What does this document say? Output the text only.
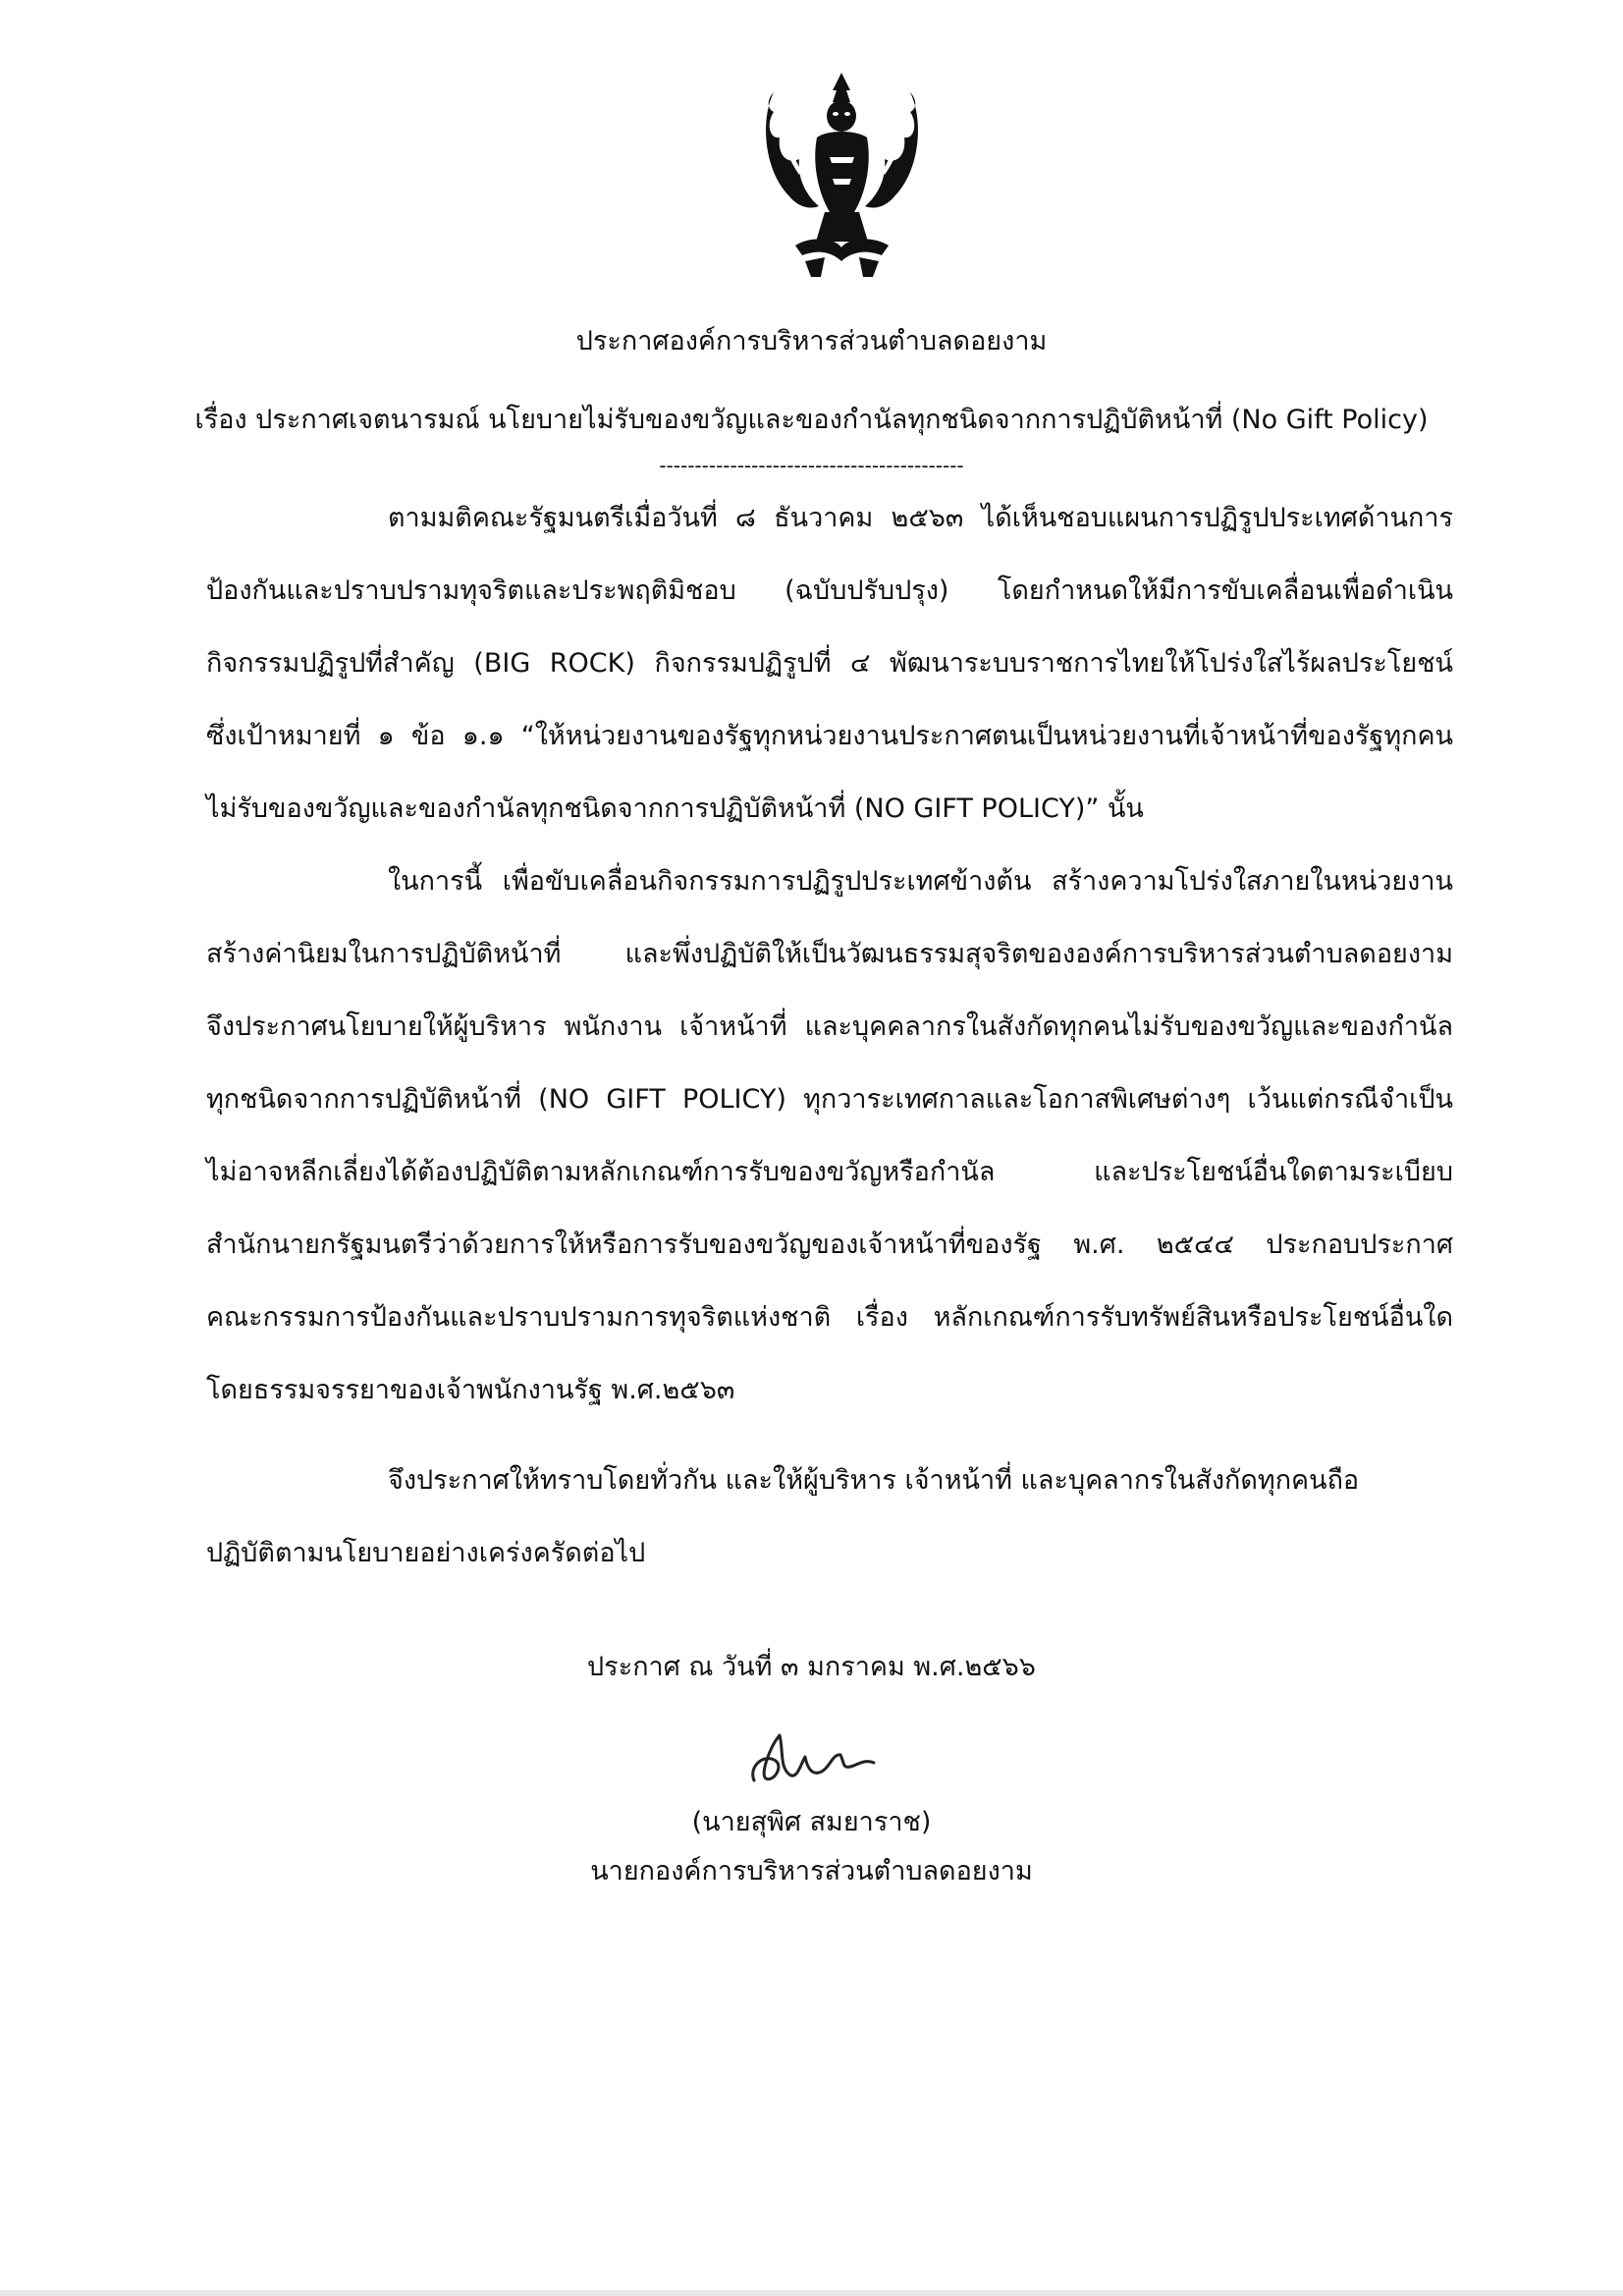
ประกาศองค์การบริหารส่วนตำบลดอยงาม
เรื่อง ประกาศเจตนารมณ์ นโยบายไม่รับของขวัญและของกำนัลทุกชนิดจากการปฏิบัติหน้าที่ (No Gift Policy)
-------------------------------------------
ตามมติคณะรัฐมนตรีเมื่อวันที่ ๘ ธันวาคม ๒๕๖๓ ได้เห็นชอบแผนการปฏิรูปประเทศด้านการ
ป้องกันและปราบปรามทุจริตและประพฤติมิชอบ (ฉบับปรับปรุง) โดยกำหนดให้มีการขับเคลื่อนเพื่อดำเนิน
กิจกรรมปฏิรูปที่สำคัญ (BIG ROCK) กิจกรรมปฏิรูปที่ ๔ พัฒนาระบบราชการไทยให้โปร่งใสไร้ผลประโยชน์
ซึ่งเป้าหมายที่ ๑ ข้อ ๑.๑ “ให้หน่วยงานของรัฐทุกหน่วยงานประกาศตนเป็นหน่วยงานที่เจ้าหน้าที่ของรัฐทุกคน
ไม่รับของขวัญและของกำนัลทุกชนิดจากการปฏิบัติหน้าที่ (NO GIFT POLICY)” นั้น
ในการนี้ เพื่อขับเคลื่อนกิจกรรมการปฏิรูปประเทศข้างต้น สร้างความโปร่งใสภายในหน่วยงาน
สร้างค่านิยมในการปฏิบัติหน้าที่ และพึ่งปฏิบัติให้เป็นวัฒนธรรมสุจริตขององค์การบริหารส่วนตำบลดอยงาม
จึงประกาศนโยบายให้ผู้บริหาร พนักงาน เจ้าหน้าที่ และบุคคลากรในสังกัดทุกคนไม่รับของขวัญและของกำนัล
ทุกชนิดจากการปฏิบัติหน้าที่ (NO GIFT POLICY) ทุกวาระเทศกาลและโอกาสพิเศษต่างๆ เว้นแต่กรณีจำเป็น
ไม่อาจหลีกเลี่ยงได้ต้องปฏิบัติตามหลักเกณฑ์การรับของขวัญหรือกำนัล และประโยชน์อื่นใดตามระเบียบ
สำนักนายกรัฐมนตรีว่าด้วยการให้หรือการรับของขวัญของเจ้าหน้าที่ของรัฐ พ.ศ. ๒๕๔๔ ประกอบประกาศ
คณะกรรมการป้องกันและปราบปรามการทุจริตแห่งชาติ เรื่อง หลักเกณฑ์การรับทรัพย์สินหรือประโยชน์อื่นใด
โดยธรรมจรรยาของเจ้าพนักงานรัฐ พ.ศ.๒๕๖๓
จึงประกาศให้ทราบโดยทั่วกัน และให้ผู้บริหาร เจ้าหน้าที่ และบุคลากรในสังกัดทุกคนถือ
ปฏิบัติตามนโยบายอย่างเคร่งครัดต่อไป
ประกาศ ณ วันที่ ๓ มกราคม พ.ศ.๒๕๖๖
(นายสุพิศ สมยาราช)
นายกองค์การบริหารส่วนตำบลดอยงาม
